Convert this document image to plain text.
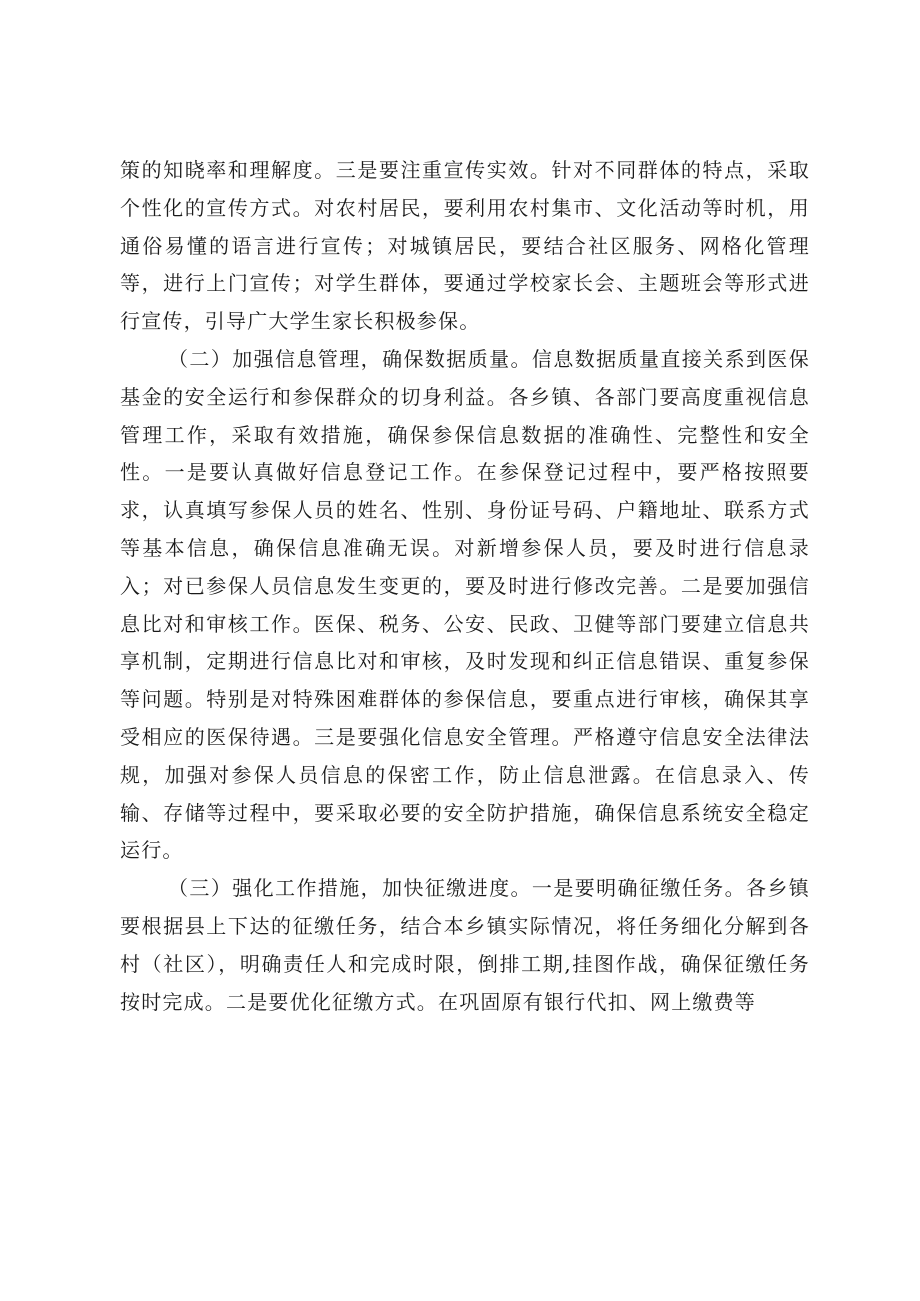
策的知晓率和理解度。三是要注重宣传实效。针对不同群体的特点，采取个性化的宣传方式。对农村居民，要利用农村集市、文化活动等时机，用通俗易懂的语言进行宣传；对城镇居民，要结合社区服务、网格化管理等，进行上门宣传；对学生群体，要通过学校家长会、主题班会等形式进行宣传，引导广大学生家长积极参保。

（二）加强信息管理，确保数据质量。信息数据质量直接关系到医保基金的安全运行和参保群众的切身利益。各乡镇、各部门要高度重视信息管理工作，采取有效措施，确保参保信息数据的准确性、完整性和安全性。一是要认真做好信息登记工作。在参保登记过程中，要严格按照要求，认真填写参保人员的姓名、性别、身份证号码、户籍地址、联系方式等基本信息，确保信息准确无误。对新增参保人员，要及时进行信息录入；对已参保人员信息发生变更的，要及时进行修改完善。二是要加强信息比对和审核工作。医保、税务、公安、民政、卫健等部门要建立信息共享机制，定期进行信息比对和审核，及时发现和纠正信息错误、重复参保等问题。特别是对特殊困难群体的参保信息，要重点进行审核，确保其享受相应的医保待遇。三是要强化信息安全管理。严格遵守信息安全法律法规，加强对参保人员信息的保密工作，防止信息泄露。在信息录入、传输、存储等过程中，要采取必要的安全防护措施，确保信息系统安全稳定运行。

（三）强化工作措施，加快征缴进度。一是要明确征缴任务。各乡镇要根据县上下达的征缴任务，结合本乡镇实际情况，将任务细化分解到各村（社区），明确责任人和完成时限，倒排工期,挂图作战，确保征缴任务按时完成。二是要优化征缴方式。在巩固原有银行代扣、网上缴费等
